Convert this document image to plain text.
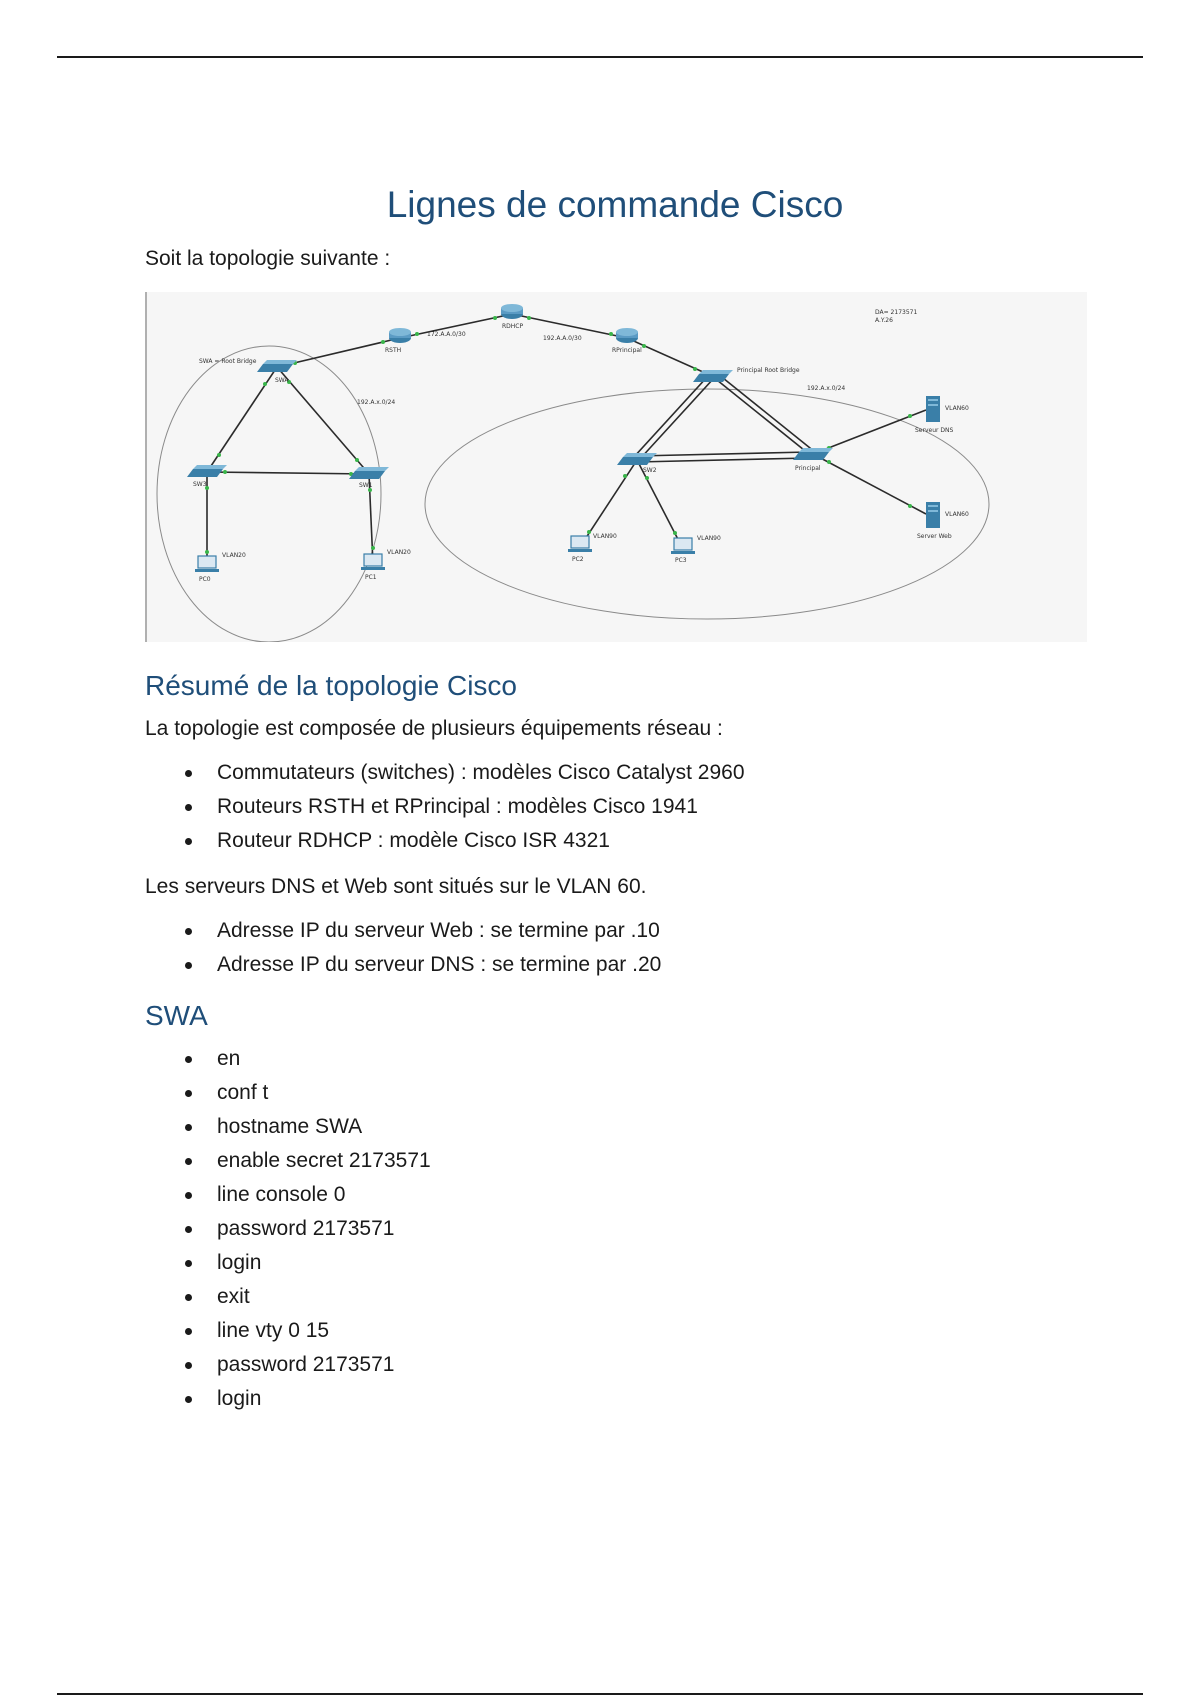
Lignes de commande Cisco

Soit la topologie suivante :

DA= 2173571
A.Y.26
RSTH
RDHCP
RPrincipal
SWA
SW1
SW2	Principal
SW3
PC0	PC1
PC2	PC3
Serveur DNS
Server Web
SWA = Root Bridge
Principal Root Bridge
192.A.x.0/24
192.A.x.0/24
172.A.A.0/30
192.A.A.0/30
VLAN20	VLAN20
VLAN90	VLAN90
VLAN60
VLAN60
Résumé de la topologie Cisco

La topologie est composée de plusieurs équipements réseau :

Commutateurs (switches) : modèles Cisco Catalyst 2960
Routeurs RSTH et RPrincipal : modèles Cisco 1941
Routeur RDHCP : modèle Cisco ISR 4321

Les serveurs DNS et Web sont situés sur le VLAN 60.

Adresse IP du serveur Web : se termine par .10
Adresse IP du serveur DNS : se termine par .20
SWA
en
conf t
hostname SWA
enable secret 2173571
line console 0
password 2173571
login
exit
line vty 0 15
password 2173571
login
